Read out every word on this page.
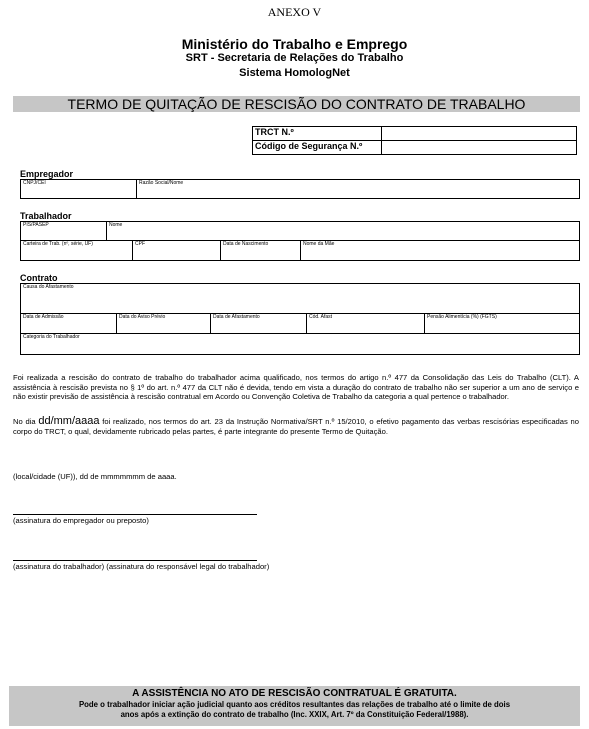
ANEXO V
Ministério do Trabalho e Emprego
SRT - Secretaria de Relações do Trabalho
Sistema HomologNet
TERMO DE QUITAÇÃO DE RESCISÃO DO CONTRATO DE TRABALHO
TRCT N.º	
Código de Segurança N.º	
Empregador
CNPJ/CEI	Razão Social/Nome
Trabalhador
PIS/PASEP	Nome
Carteira de Trab. (nº, série, UF)	CPF	Data de Nascimento	Nome da Mãe
Contrato
Causa do Afastamento
Data de Admissão	Data do Aviso Prévio	Data de Afastamento	Cód. Afast	Pensão Alimentícia (%) (FGTS)
Categoria do Trabalhador
Foi realizada a rescisão do contrato de trabalho do trabalhador acima qualificado, nos termos do artigo n.º 477 da Consolidação das Leis do Trabalho (CLT). A assistência à rescisão prevista no § 1º do art. n.º 477 da CLT não é devida, tendo em vista a duração do contrato de trabalho não ser superior a um ano de serviço e não existir previsão de assistência à rescisão contratual em Acordo ou Convenção Coletiva de Trabalho da categoria a qual pertence o trabalhador.
No dia dd/mm/aaaa foi realizado, nos termos do art. 23 da Instrução Normativa/SRT n.º 15/2010, o efetivo pagamento das verbas rescisórias especificadas no corpo do TRCT, o qual, devidamente rubricado pelas partes, é parte integrante do presente Termo de Quitação.
(local/cidade (UF)), dd de mmmmmmm de aaaa.
(assinatura do empregador ou preposto)
(assinatura do trabalhador) (assinatura do responsável legal do trabalhador)
A ASSISTÊNCIA NO ATO DE RESCISÃO CONTRATUAL É GRATUITA.
Pode o trabalhador iniciar ação judicial quanto aos créditos resultantes das relações de trabalho até o limite de dois
anos após a extinção do contrato de trabalho (Inc. XXIX, Art. 7º da Constituição Federal/1988).
